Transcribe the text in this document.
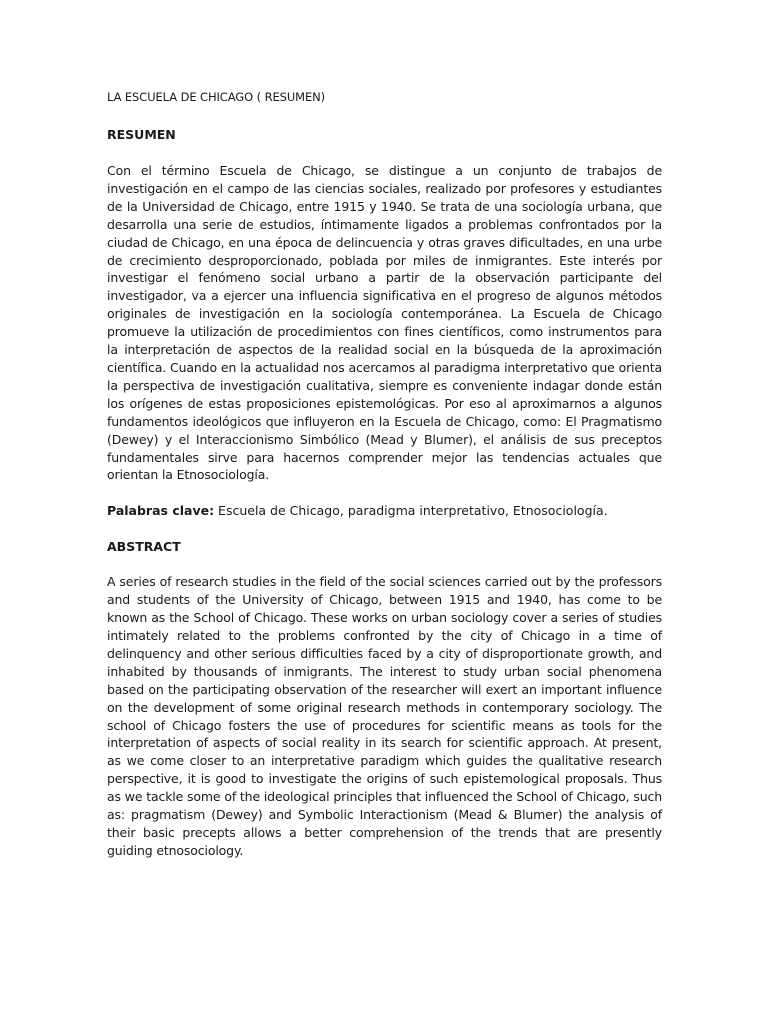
LA ESCUELA DE CHICAGO ( RESUMEN)

RESUMEN

Con el término Escuela de Chicago, se distingue a un conjunto de trabajos de investigación en el campo de las ciencias sociales, realizado por profesores y estudiantes de la Universidad de Chicago, entre 1915 y 1940. Se trata de una sociología urbana, que desarrolla una serie de estudios, íntimamente ligados a problemas confrontados por la ciudad de Chicago, en una época de delincuencia y otras graves dificultades, en una urbe de crecimiento desproporcionado, poblada por miles de inmigrantes. Este interés por investigar el fenómeno social urbano a partir de la observación participante del investigador, va a ejercer una influencia significativa en el progreso de algunos métodos originales de investigación en la sociología contemporánea. La Escuela de Chicago promueve la utilización de procedimientos con fines científicos, como instrumentos para la interpretación de aspectos de la realidad social en la búsqueda de la aproximación científica. Cuando en la actualidad nos acercamos al paradigma interpretativo que orienta la perspectiva de investigación cualitativa, siempre es conveniente indagar donde están los orígenes de estas proposiciones epistemológicas. Por eso al aproximarnos a algunos fundamentos ideológicos que influyeron en la Escuela de Chicago, como: El Pragmatismo (Dewey) y el Interaccionismo Simbólico (Mead y Blumer), el análisis de sus preceptos fundamentales sirve para hacernos comprender mejor las tendencias actuales que orientan la Etnosociología.

Palabras clave: Escuela de Chicago, paradigma interpretativo, Etnosociología.

ABSTRACT

A series of research studies in the field of the social sciences carried out by the professors and students of the University of Chicago, between 1915 and 1940, has come to be known as the School of Chicago. These works on urban sociology cover a series of studies intimately related to the problems confronted by the city of Chicago in a time of delinquency and other serious difficulties faced by a city of disproportionate growth, and inhabited by thousands of inmigrants. The interest to study urban social phenomena based on the participating observation of the researcher will exert an important influence on the development of some original research methods in contemporary sociology. The school of Chicago fosters the use of procedures for scientific means as tools for the interpretation of aspects of social reality in its search for scientific approach. At present, as we come closer to an interpretative paradigm which guides the qualitative research perspective, it is good to investigate the origins of such epistemological proposals. Thus as we tackle some of the ideological principles that influenced the School of Chicago, such as: pragmatism (Dewey) and Symbolic Interactionism (Mead & Blumer) the analysis of their basic precepts allows a better comprehension of the trends that are presently guiding etnosociology.
